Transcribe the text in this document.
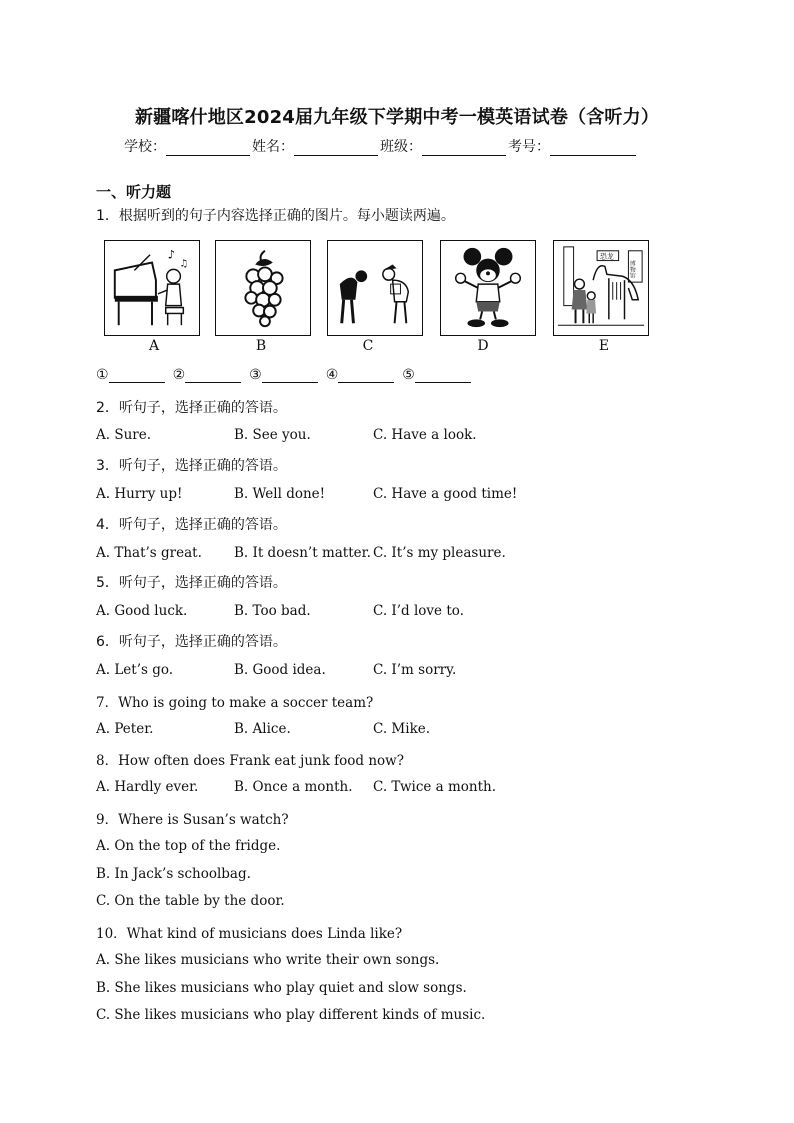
新疆喀什地区2024届九年级下学期中考一模英语试卷（含听力）
学校：	姓名：	班级：	考号：
一、听力题
1．根据听到的句子内容选择正确的图片。每小题读两遍。
♪
♫
A	B	C	D
恐龙
博物馆
E
①	②	③	④	⑤
2．听句子，选择正确的答语。
A. Sure.	B. See you.	C. Have a look.
3．听句子，选择正确的答语。
A. Hurry up!	B. Well done!	C. Have a good time!
4．听句子，选择正确的答语。
A. That’s great. B. It doesn’t matter. C. It’s my pleasure.
5．听句子，选择正确的答语。
A. Good luck.	B. Too bad.	C. I’d love to.
6．听句子，选择正确的答语。
A. Let’s go.	B. Good idea.	C. I’m sorry.
7．Who is going to make a soccer team?
A. Peter.	B. Alice.	C. Mike.
8．How often does Frank eat junk food now?
A. Hardly ever.	B. Once a month. C. Twice a month.
9．Where is Susan’s watch?
A. On the top of the fridge.
B. In Jack’s schoolbag.
C. On the table by the door.
10．What kind of musicians does Linda like?
A. She likes musicians who write their own songs.
B. She likes musicians who play quiet and slow songs.
C. She likes musicians who play different kinds of music.
